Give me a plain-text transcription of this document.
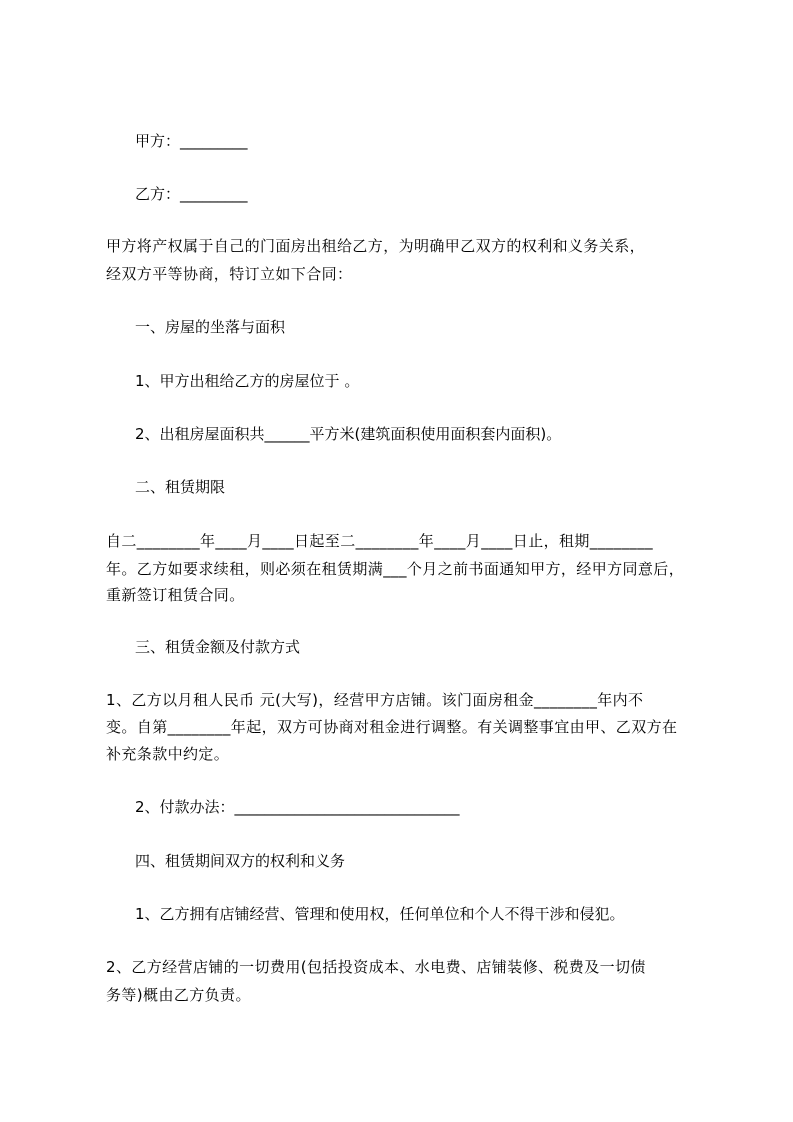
甲方：_________
乙方：_________
甲方将产权属于自己的门面房出租给乙方，为明确甲乙双方的权利和义务关系，
经双方平等协商，特订立如下合同：
一、房屋的坐落与面积
1、甲方出租给乙方的房屋位于 。
2、出租房屋面积共______平方米(建筑面积使用面积套内面积)。
二、租赁期限
自二________年____月____日起至二________年____月____日止，租期________
年。乙方如要求续租，则必须在租赁期满___个月之前书面通知甲方，经甲方同意后，
重新签订租赁合同。
三、租赁金额及付款方式
1、乙方以月租人民币 元(大写)，经营甲方店铺。该门面房租金________年内不
变。自第________年起，双方可协商对租金进行调整。有关调整事宜由甲、乙双方在
补充条款中约定。
2、付款办法：______________________________
四、租赁期间双方的权利和义务
1、乙方拥有店铺经营、管理和使用权，任何单位和个人不得干涉和侵犯。
2、乙方经营店铺的一切费用(包括投资成本、水电费、店铺装修、税费及一切债
务等)概由乙方负责。
